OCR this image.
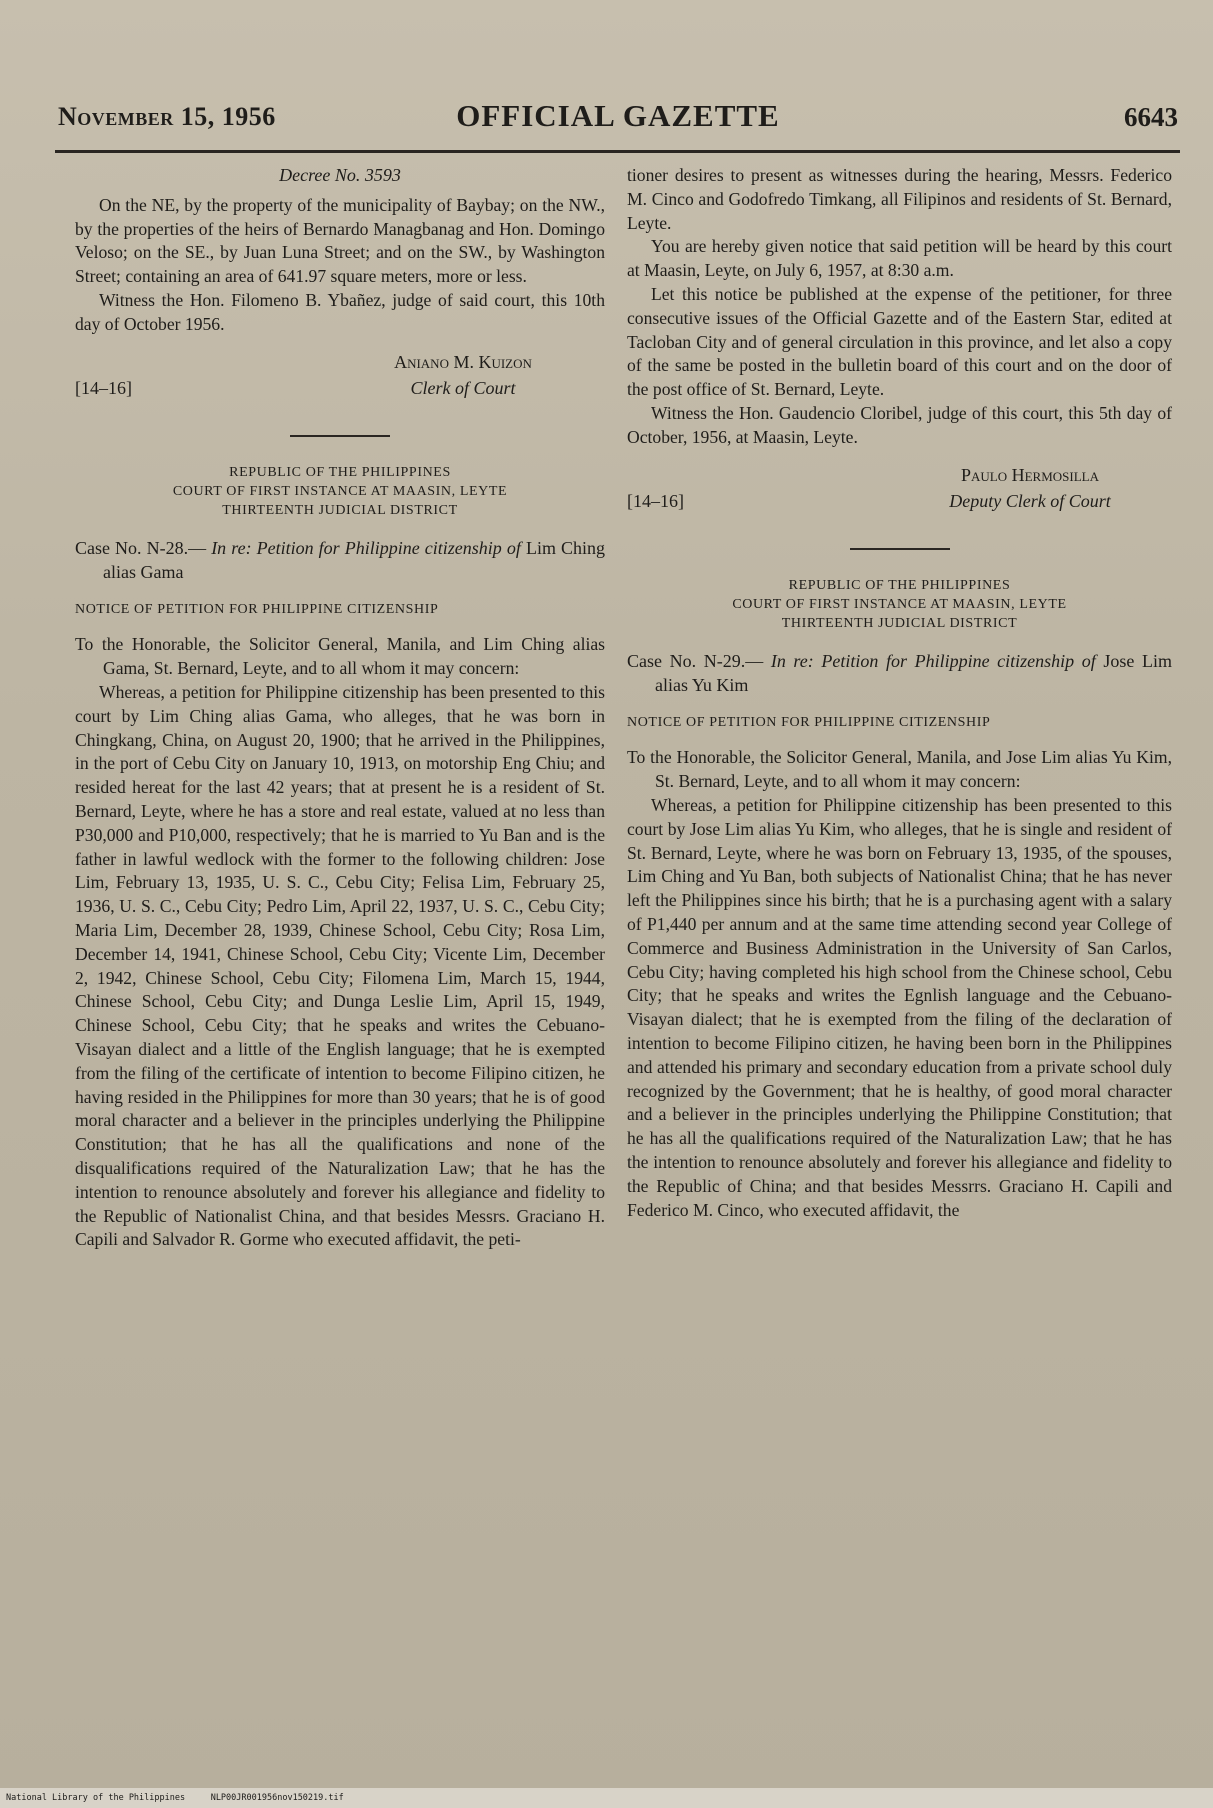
November 15, 1956	OFFICIAL GAZETTE	6643
Decree No. 3593

On the NE, by the property of the municipality of Baybay; on the NW., by the properties of the heirs of Bernardo Managbanag and Hon. Domingo Veloso; on the SE., by Juan Luna Street; and on the SW., by Washington Street; containing an area of 641.97 square meters, more or less.

Witness the Hon. Filomeno B. Ybañez, judge of said court, this 10th day of October 1956.

Aniano M. Kuizon
Clerk of Court
[14–16]
REPUBLIC OF THE PHILIPPINES
COURT OF FIRST INSTANCE AT MAASIN, LEYTE
THIRTEENTH JUDICIAL DISTRICT
Case No. N-28.— In re: Petition for Philippine citizenship of Lim Ching alias Gama
NOTICE OF PETITION FOR PHILIPPINE CITIZENSHIP
To the Honorable, the Solicitor General, Manila, and Lim Ching alias Gama, St. Bernard, Leyte, and to all whom it may concern:

Whereas, a petition for Philippine citizenship has been presented to this court by Lim Ching alias Gama, who alleges, that he was born in Chingkang, China, on August 20, 1900; that he arrived in the Philippines, in the port of Cebu City on January 10, 1913, on motorship Eng Chiu; and resided hereat for the last 42 years; that at present he is a resident of St. Bernard, Leyte, where he has a store and real estate, valued at no less than P30,000 and P10,000, respectively; that he is married to Yu Ban and is the father in lawful wedlock with the former to the following children: Jose Lim, February 13, 1935, U. S. C., Cebu City; Felisa Lim, February 25, 1936, U. S. C., Cebu City; Pedro Lim, April 22, 1937, U. S. C., Cebu City; Maria Lim, December 28, 1939, Chinese School, Cebu City; Rosa Lim, December 14, 1941, Chinese School, Cebu City; Vicente Lim, December 2, 1942, Chinese School, Cebu City; Filomena Lim, March 15, 1944, Chinese School, Cebu City; and Dunga Leslie Lim, April 15, 1949, Chinese School, Cebu City; that he speaks and writes the Cebuano-Visayan dialect and a little of the English language; that he is exempted from the filing of the certificate of intention to become Filipino citizen, he having resided in the Philippines for more than 30 years; that he is of good moral character and a believer in the principles underlying the Philippine Constitution; that he has all the qualifications and none of the disqualifications required of the Naturalization Law; that he has the intention to renounce absolutely and forever his allegiance and fidelity to the Republic of Nationalist China, and that besides Messrs. Graciano H. Capili and Salvador R. Gorme who executed affidavit, the peti-

tioner desires to present as witnesses during the hearing, Messrs. Federico M. Cinco and Godofredo Timkang, all Filipinos and residents of St. Bernard, Leyte.

You are hereby given notice that said petition will be heard by this court at Maasin, Leyte, on July 6, 1957, at 8:30 a.m.

Let this notice be published at the expense of the petitioner, for three consecutive issues of the Official Gazette and of the Eastern Star, edited at Tacloban City and of general circulation in this province, and let also a copy of the same be posted in the bulletin board of this court and on the door of the post office of St. Bernard, Leyte.

Witness the Hon. Gaudencio Cloribel, judge of this court, this 5th day of October, 1956, at Maasin, Leyte.

Paulo Hermosilla
Deputy Clerk of Court
[14–16]
REPUBLIC OF THE PHILIPPINES
COURT OF FIRST INSTANCE AT MAASIN, LEYTE
THIRTEENTH JUDICIAL DISTRICT
Case No. N-29.— In re: Petition for Philippine citizenship of Jose Lim alias Yu Kim
NOTICE OF PETITION FOR PHILIPPINE CITIZENSHIP
To the Honorable, the Solicitor General, Manila, and Jose Lim alias Yu Kim, St. Bernard, Leyte, and to all whom it may concern:

Whereas, a petition for Philippine citizenship has been presented to this court by Jose Lim alias Yu Kim, who alleges, that he is single and resident of St. Bernard, Leyte, where he was born on February 13, 1935, of the spouses, Lim Ching and Yu Ban, both subjects of Nationalist China; that he has never left the Philippines since his birth; that he is a purchasing agent with a salary of P1,440 per annum and at the same time attending second year College of Commerce and Business Administration in the University of San Carlos, Cebu City; having completed his high school from the Chinese school, Cebu City; that he speaks and writes the Egnlish language and the Cebuano-Visayan dialect; that he is exempted from the filing of the declaration of intention to become Filipino citizen, he having been born in the Philippines and attended his primary and secondary education from a private school duly recognized by the Government; that he is healthy, of good moral character and a believer in the principles underlying the Philippine Constitution; that he has all the qualifications required of the Naturalization Law; that he has the intention to renounce absolutely and forever his allegiance and fidelity to the Republic of China; and that besides Messrrs. Graciano H. Capili and Federico M. Cinco, who executed affidavit, the

National Library of the Philippines     NLP00JR001956nov150219.tif
